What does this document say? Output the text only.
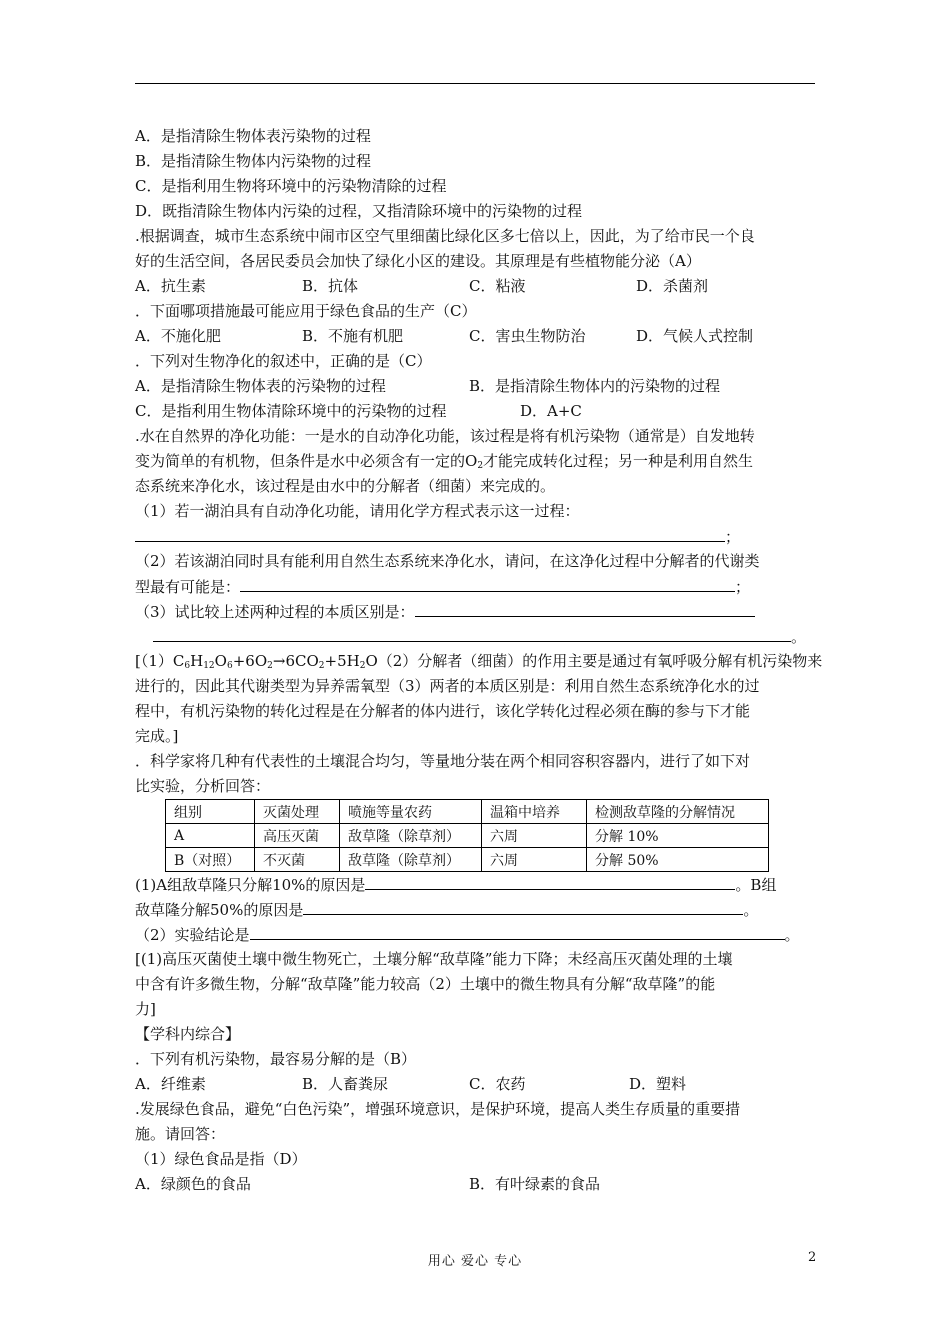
A．是指清除生物体表污染物的过程
B．是指清除生物体内污染物的过程
C．是指利用生物将环境中的污染物清除的过程
D．既指清除生物体内污染的过程，又指清除环境中的污染物的过程
.根据调查，城市生态系统中闹市区空气里细菌比绿化区多七倍以上，因此，为了给市民一个良
好的生活空间，各居民委员会加快了绿化小区的建设。其原理是有些植物能分泌（A）
A．抗生素	B．抗体	C．粘液	D．杀菌剂
．下面哪项措施最可能应用于绿色食品的生产（C）
A．不施化肥	B．不施有机肥	C．害虫生物防治	D．气候人式控制
．下列对生物净化的叙述中，正确的是（C）
A．是指清除生物体表的污染物的过程	B．是指清除生物体内的污染物的过程
C．是指利用生物体清除环境中的污染物的过程	D．A+C
.水在自然界的净化功能：一是水的自动净化功能，该过程是将有机污染物（通常是）自发地转
变为简单的有机物，但条件是水中必须含有一定的$O_2$才能完成转化过程；另一种是利用自然生
态系统来净化水，该过程是由水中的分解者（细菌）来完成的。
（1）若一湖泊具有自动净化功能，请用化学方程式表示这一过程：
；
（2）若该湖泊同时具有能利用自然生态系统来净化水，请问，在这净化过程中分解者的代谢类
型最有可能是：	；
（3）试比较上述两种过程的本质区别是：
。
[$(1)C_6H_{12}O_6+6O_2\to 6CO_2+5H_2O(2)$分解者（细菌）的作用主要是通过有氧呼吸分解有机污染物来
进行的，因此其代谢类型为异养需氧型（3）两者的本质区别是：利用自然生态系统净化水的过
程中，有机污染物的转化过程是在分解者的体内进行，该化学转化过程必须在酶的参与下才能
完成。]
．科学家将几种有代表性的土壤混合均匀，等量地分装在两个相同容积容器内，进行了如下对
比实验，分析回答：
组别	灭菌处理	喷施等量农药	温箱中培养	检测敌草隆的分解情况
A	高压灭菌	敌草隆（除草剂）	六周	分解 10%
B（对照）	不灭菌	敌草隆（除草剂）	六周	分解 50%
(1)A组敌草隆只分解10%的原因是	。B组
敌草隆分解50%的原因是	。
（2）实验结论是	。
[(1)高压灭菌使土壤中微生物死亡，土壤分解“敌草隆”能力下降；未经高压灭菌处理的土壤
中含有许多微生物，分解“敌草隆”能力较高（2）土壤中的微生物具有分解“敌草隆”的能
力]
【学科内综合】
．下列有机污染物，最容易分解的是（B）
A．纤维素	B．人畜粪尿	C．农药	D．塑料
.发展绿色食品，避免“白色污染”，增强环境意识，是保护环境，提高人类生存质量的重要措
施。请回答：
（1）绿色食品是指（D）
A．绿颜色的食品	B．有叶绿素的食品
用心 爱心 专心	2
